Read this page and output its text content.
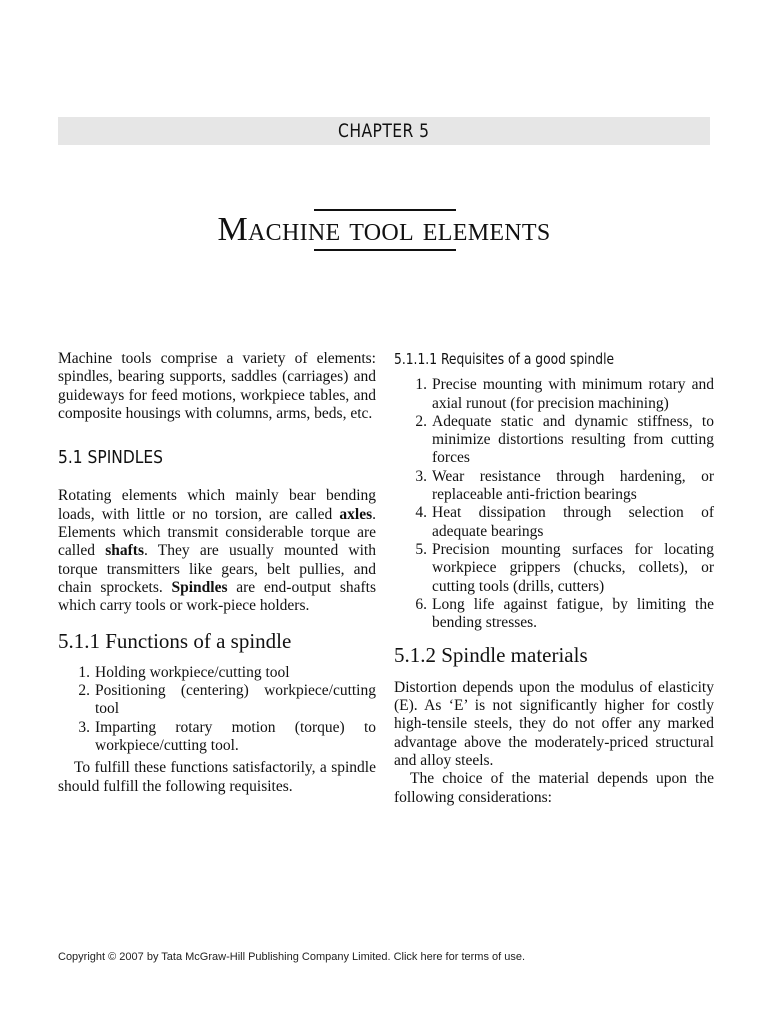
CHAPTER 5
Machine tool elements

Machine tools comprise a variety of elements: spindles, bearing supports, saddles (carriages) and guideways for feed motions, workpiece tables, and composite housings with columns, arms, beds, etc.

5.1 SPINDLES

Rotating elements which mainly bear bending loads, with little or no torsion, are called axles. Elements which transmit considerable torque are called shafts. They are usually mounted with torque transmitters like gears, belt pullies, and chain sprockets. Spindles are end-output shafts which carry tools or work-piece holders.

5.1.1 Functions of a spindle
1. Holding workpiece/cutting tool
2. Positioning (centering) workpiece/cutting tool
3. Imparting rotary motion (torque) to workpiece/cutting tool.

To fulfill these functions satisfactorily, a spindle should fulfill the following requisites.

5.1.1.1 Requisites of a good spindle
1. Precise mounting with minimum rotary and axial runout (for precision machining)
2. Adequate static and dynamic stiffness, to minimize distortions resulting from cutting forces
3. Wear resistance through hardening, or replaceable anti-friction bearings
4. Heat dissipation through selection of adequate bearings
5. Precision mounting surfaces for locating workpiece grippers (chucks, collets), or cutting tools (drills, cutters)
6. Long life against fatigue, by limiting the bending stresses.
5.1.2 Spindle materials

Distortion depends upon the modulus of elasticity (E). As ‘E’ is not significantly higher for costly high-tensile steels, they do not offer any marked advantage above the moderately-priced structural and alloy steels.

The choice of the material depends upon the following considerations:

Copyright © 2007 by Tata McGraw-Hill Publishing Company Limited. Click here for terms of use.
